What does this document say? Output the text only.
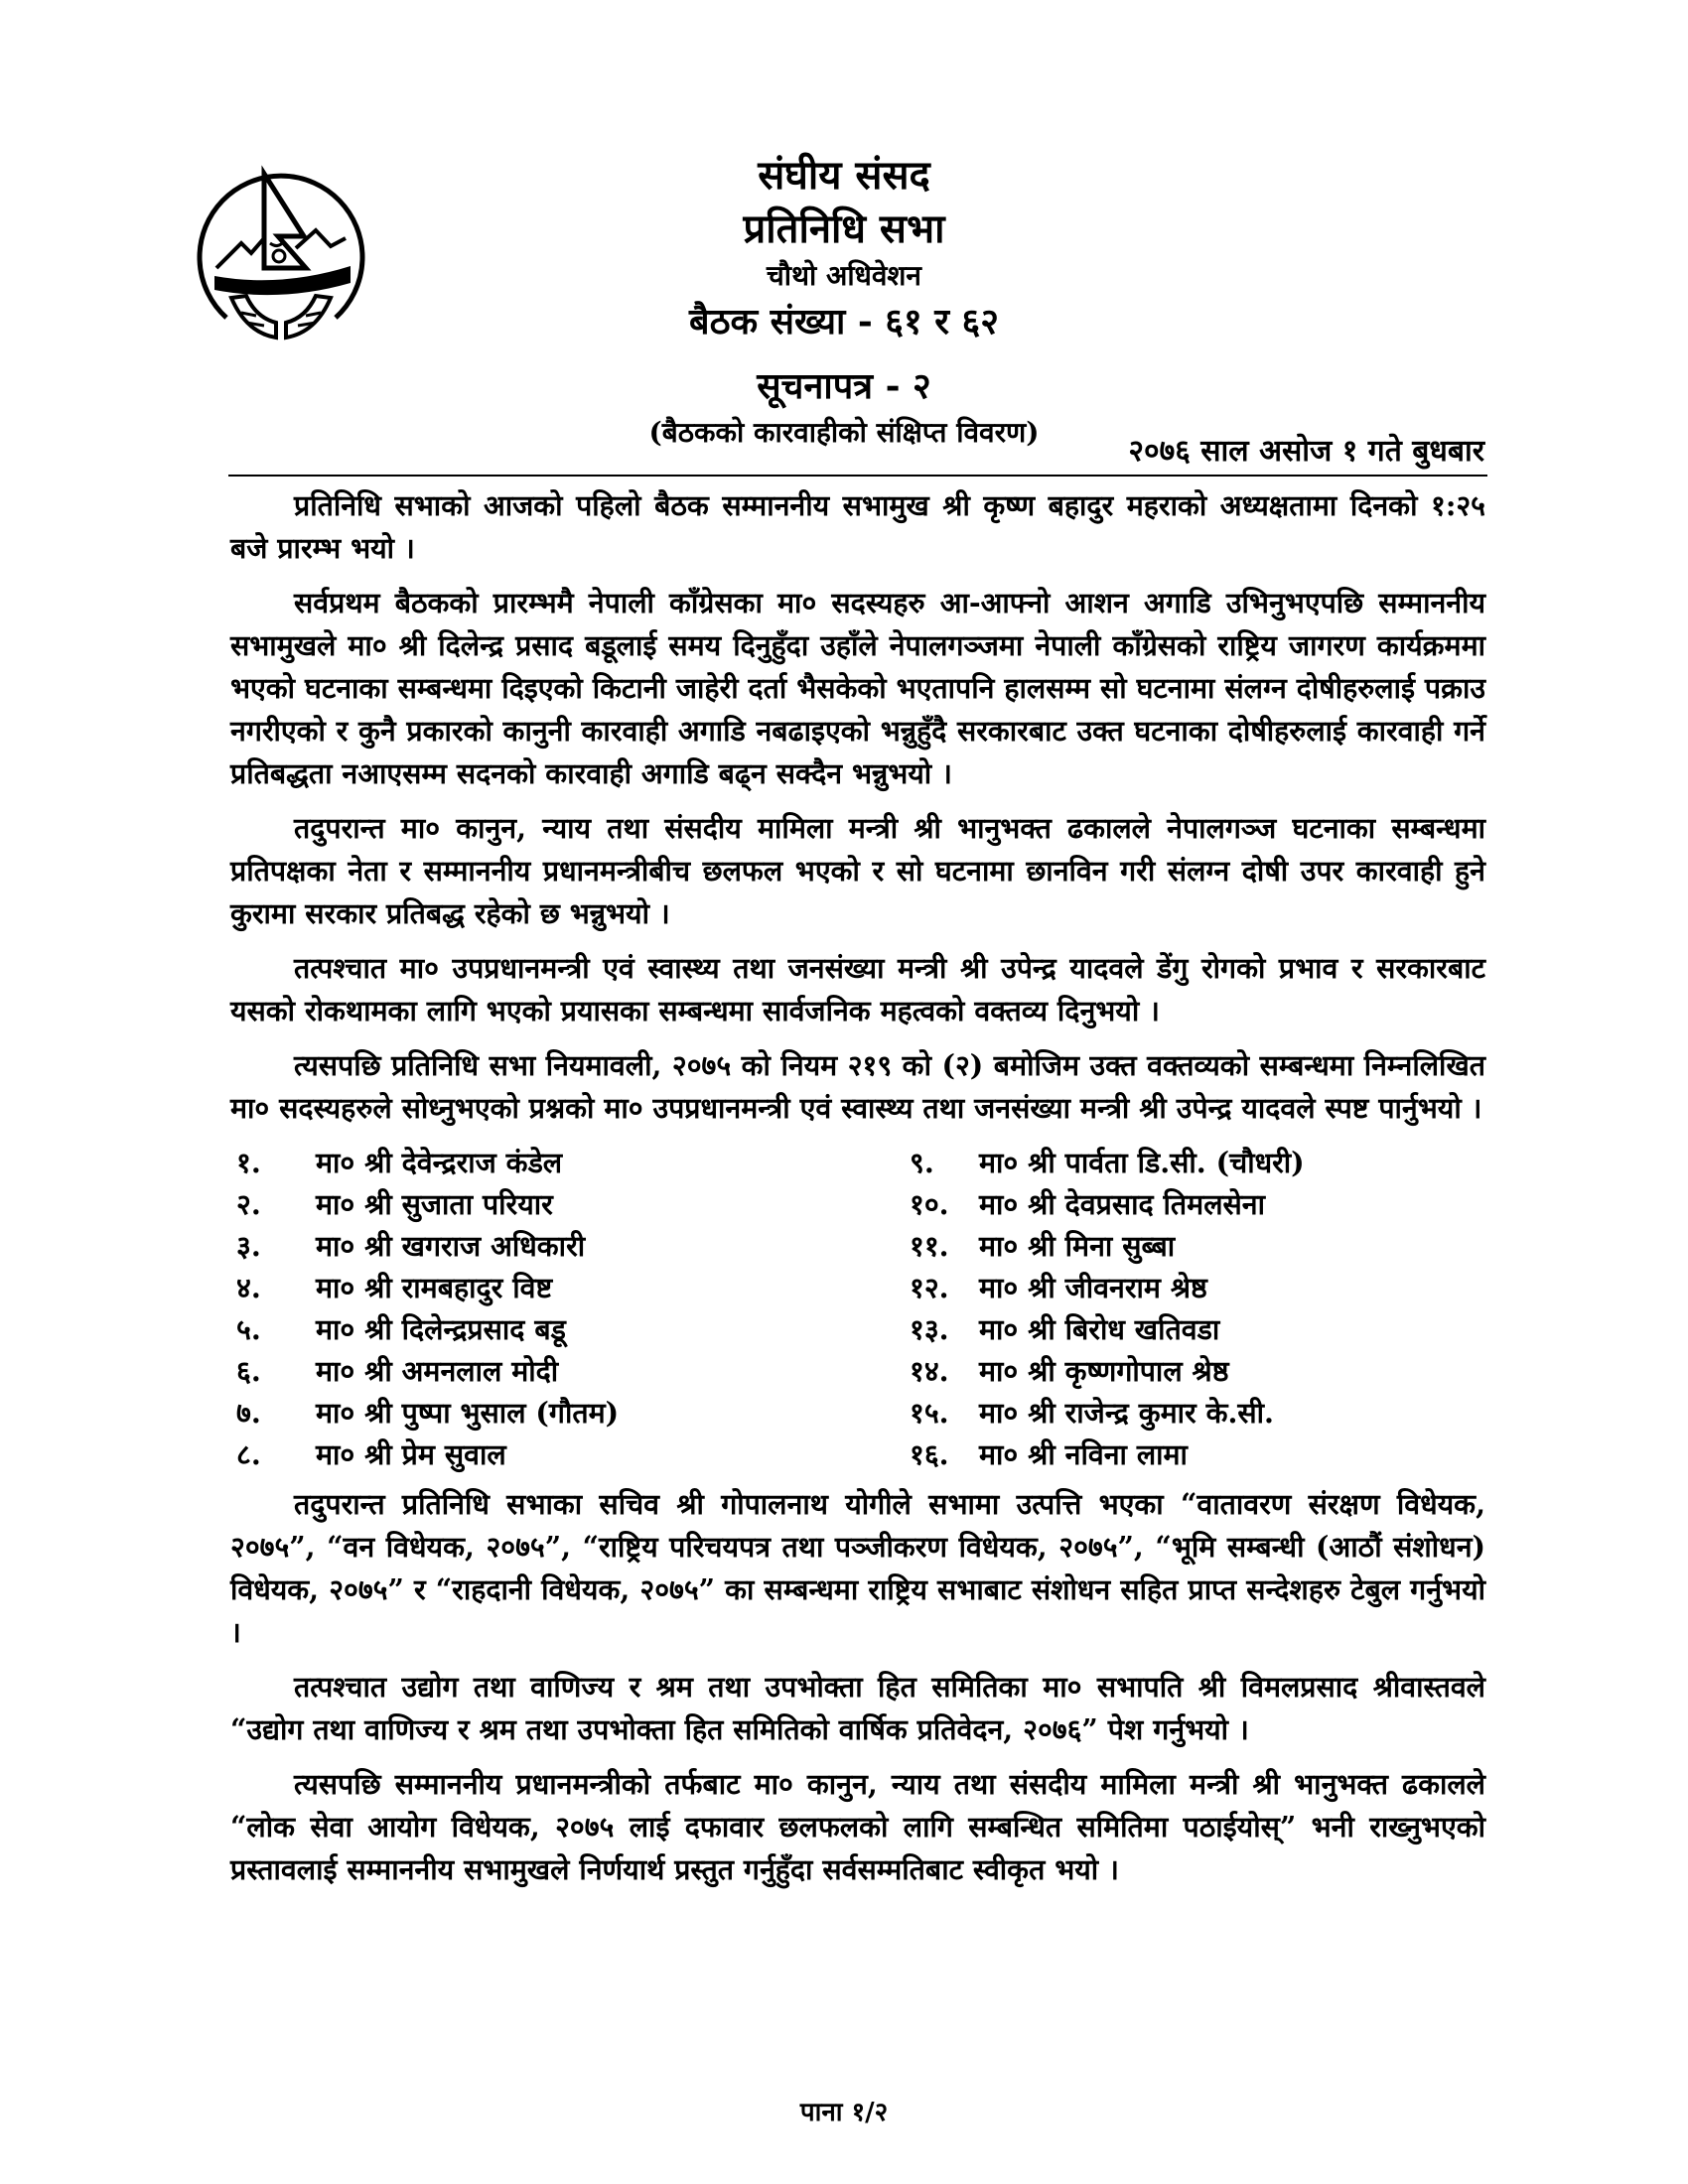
संघीय संसद
प्रतिनिधि सभा
चौथो अधिवेशन
बैठक संख्या - ६१ र ६२
सूचनापत्र - २
(बैठकको कारवाहीको संक्षिप्त विवरण)
२०७६ साल असोज १ गते बुधबार

प्रतिनिधि सभाको आजको पहिलो बैठक सम्माननीय सभामुख श्री कृष्ण बहादुर महराको अध्यक्षतामा दिनको १:२५ बजे प्रारम्भ भयो ।

सर्वप्रथम बैठकको प्रारम्भमै नेपाली काँग्रेसका मा० सदस्यहरु आ-आफ्नो आशन अगाडि उभिनुभएपछि सम्माननीय सभामुखले मा० श्री दिलेन्द्र प्रसाद बडूलाई समय दिनुहुँदा उहाँले नेपालगञ्जमा नेपाली काँग्रेसको राष्ट्रिय जागरण कार्यक्रममा भएको घटनाका सम्बन्धमा दिइएको किटानी जाहेरी दर्ता भैसकेको भएतापनि हालसम्म सो घटनामा संलग्न दोषीहरुलाई पक्राउ नगरीएको र कुनै प्रकारको कानुनी कारवाही अगाडि नबढाइएको भन्नुहुँदै सरकारबाट उक्त घटनाका दोषीहरुलाई कारवाही गर्ने प्रतिबद्धता नआएसम्म सदनको कारवाही अगाडि बढ्न सक्दैन भन्नुभयो ।

तदुपरान्त मा० कानुन, न्याय तथा संसदीय मामिला मन्त्री श्री भानुभक्त ढकालले नेपालगञ्ज घटनाका सम्बन्धमा प्रतिपक्षका नेता र सम्माननीय प्रधानमन्त्रीबीच छलफल भएको र सो घटनामा छानविन गरी संलग्न दोषी उपर कारवाही हुने कुरामा सरकार प्रतिबद्ध रहेको छ भन्नुभयो ।

तत्पश्चात मा० उपप्रधानमन्त्री एवं स्वास्थ्य तथा जनसंख्या मन्त्री श्री उपेन्द्र यादवले डेंगु रोगको प्रभाव र सरकारबाट यसको रोकथामका लागि भएको प्रयासका सम्बन्धमा सार्वजनिक महत्वको वक्तव्य दिनुभयो ।

त्यसपछि प्रतिनिधि सभा नियमावली, २०७५ को नियम २१९ को (२) बमोजिम उक्त वक्तव्यको सम्बन्धमा निम्नलिखित मा० सदस्यहरुले सोध्नुभएको प्रश्नको मा० उपप्रधानमन्त्री एवं स्वास्थ्य तथा जनसंख्या मन्त्री श्री उपेन्द्र यादवले स्पष्ट पार्नुभयो ।

१.	मा० श्री देवेन्द्रराज कंडेल
२.	मा० श्री सुजाता परियार
३.	मा० श्री खगराज अधिकारी
४.	मा० श्री रामबहादुर विष्ट
५.	मा० श्री दिलेन्द्रप्रसाद बडू
६.	मा० श्री अमनलाल मोदी
७.	मा० श्री पुष्पा भुसाल (गौतम)
८.	मा० श्री प्रेम सुवाल
९.	मा० श्री पार्वता डि.सी. (चौधरी)
१०.	मा० श्री देवप्रसाद तिमलसेना
११.	मा० श्री मिना सुब्बा
१२.	मा० श्री जीवनराम श्रेष्ठ
१३.	मा० श्री बिरोध खतिवडा
१४.	मा० श्री कृष्णगोपाल श्रेष्ठ
१५.	मा० श्री राजेन्द्र कुमार के.सी.
१६.	मा० श्री नविना लामा

तदुपरान्त प्रतिनिधि सभाका सचिव श्री गोपालनाथ योगीले सभामा उत्पत्ति भएका “वातावरण संरक्षण विधेयक, २०७५”, “वन विधेयक, २०७५”, “राष्ट्रिय परिचयपत्र तथा पञ्जीकरण विधेयक, २०७५”, “भूमि सम्बन्धी (आठौं संशोधन) विधेयक, २०७५” र “राहदानी विधेयक, २०७५” का सम्बन्धमा राष्ट्रिय सभाबाट संशोधन सहित प्राप्त सन्देशहरु टेबुल गर्नुभयो ।

तत्पश्चात उद्योग तथा वाणिज्य र श्रम तथा उपभोक्ता हित समितिका मा० सभापति श्री विमलप्रसाद श्रीवास्तवले “उद्योग तथा वाणिज्य र श्रम तथा उपभोक्ता हित समितिको वार्षिक प्रतिवेदन, २०७६” पेश गर्नुभयो ।

त्यसपछि सम्माननीय प्रधानमन्त्रीको तर्फबाट मा० कानुन, न्याय तथा संसदीय मामिला मन्त्री श्री भानुभक्त ढकालले “लोक सेवा आयोग विधेयक, २०७५ लाई दफावार छलफलको लागि सम्बन्धित समितिमा पठाईयोस्” भनी राख्नुभएको प्रस्तावलाई सम्माननीय सभामुखले निर्णयार्थ प्रस्तुत गर्नुहुँदा सर्वसम्मतिबाट स्वीकृत भयो ।

पाना १/२
